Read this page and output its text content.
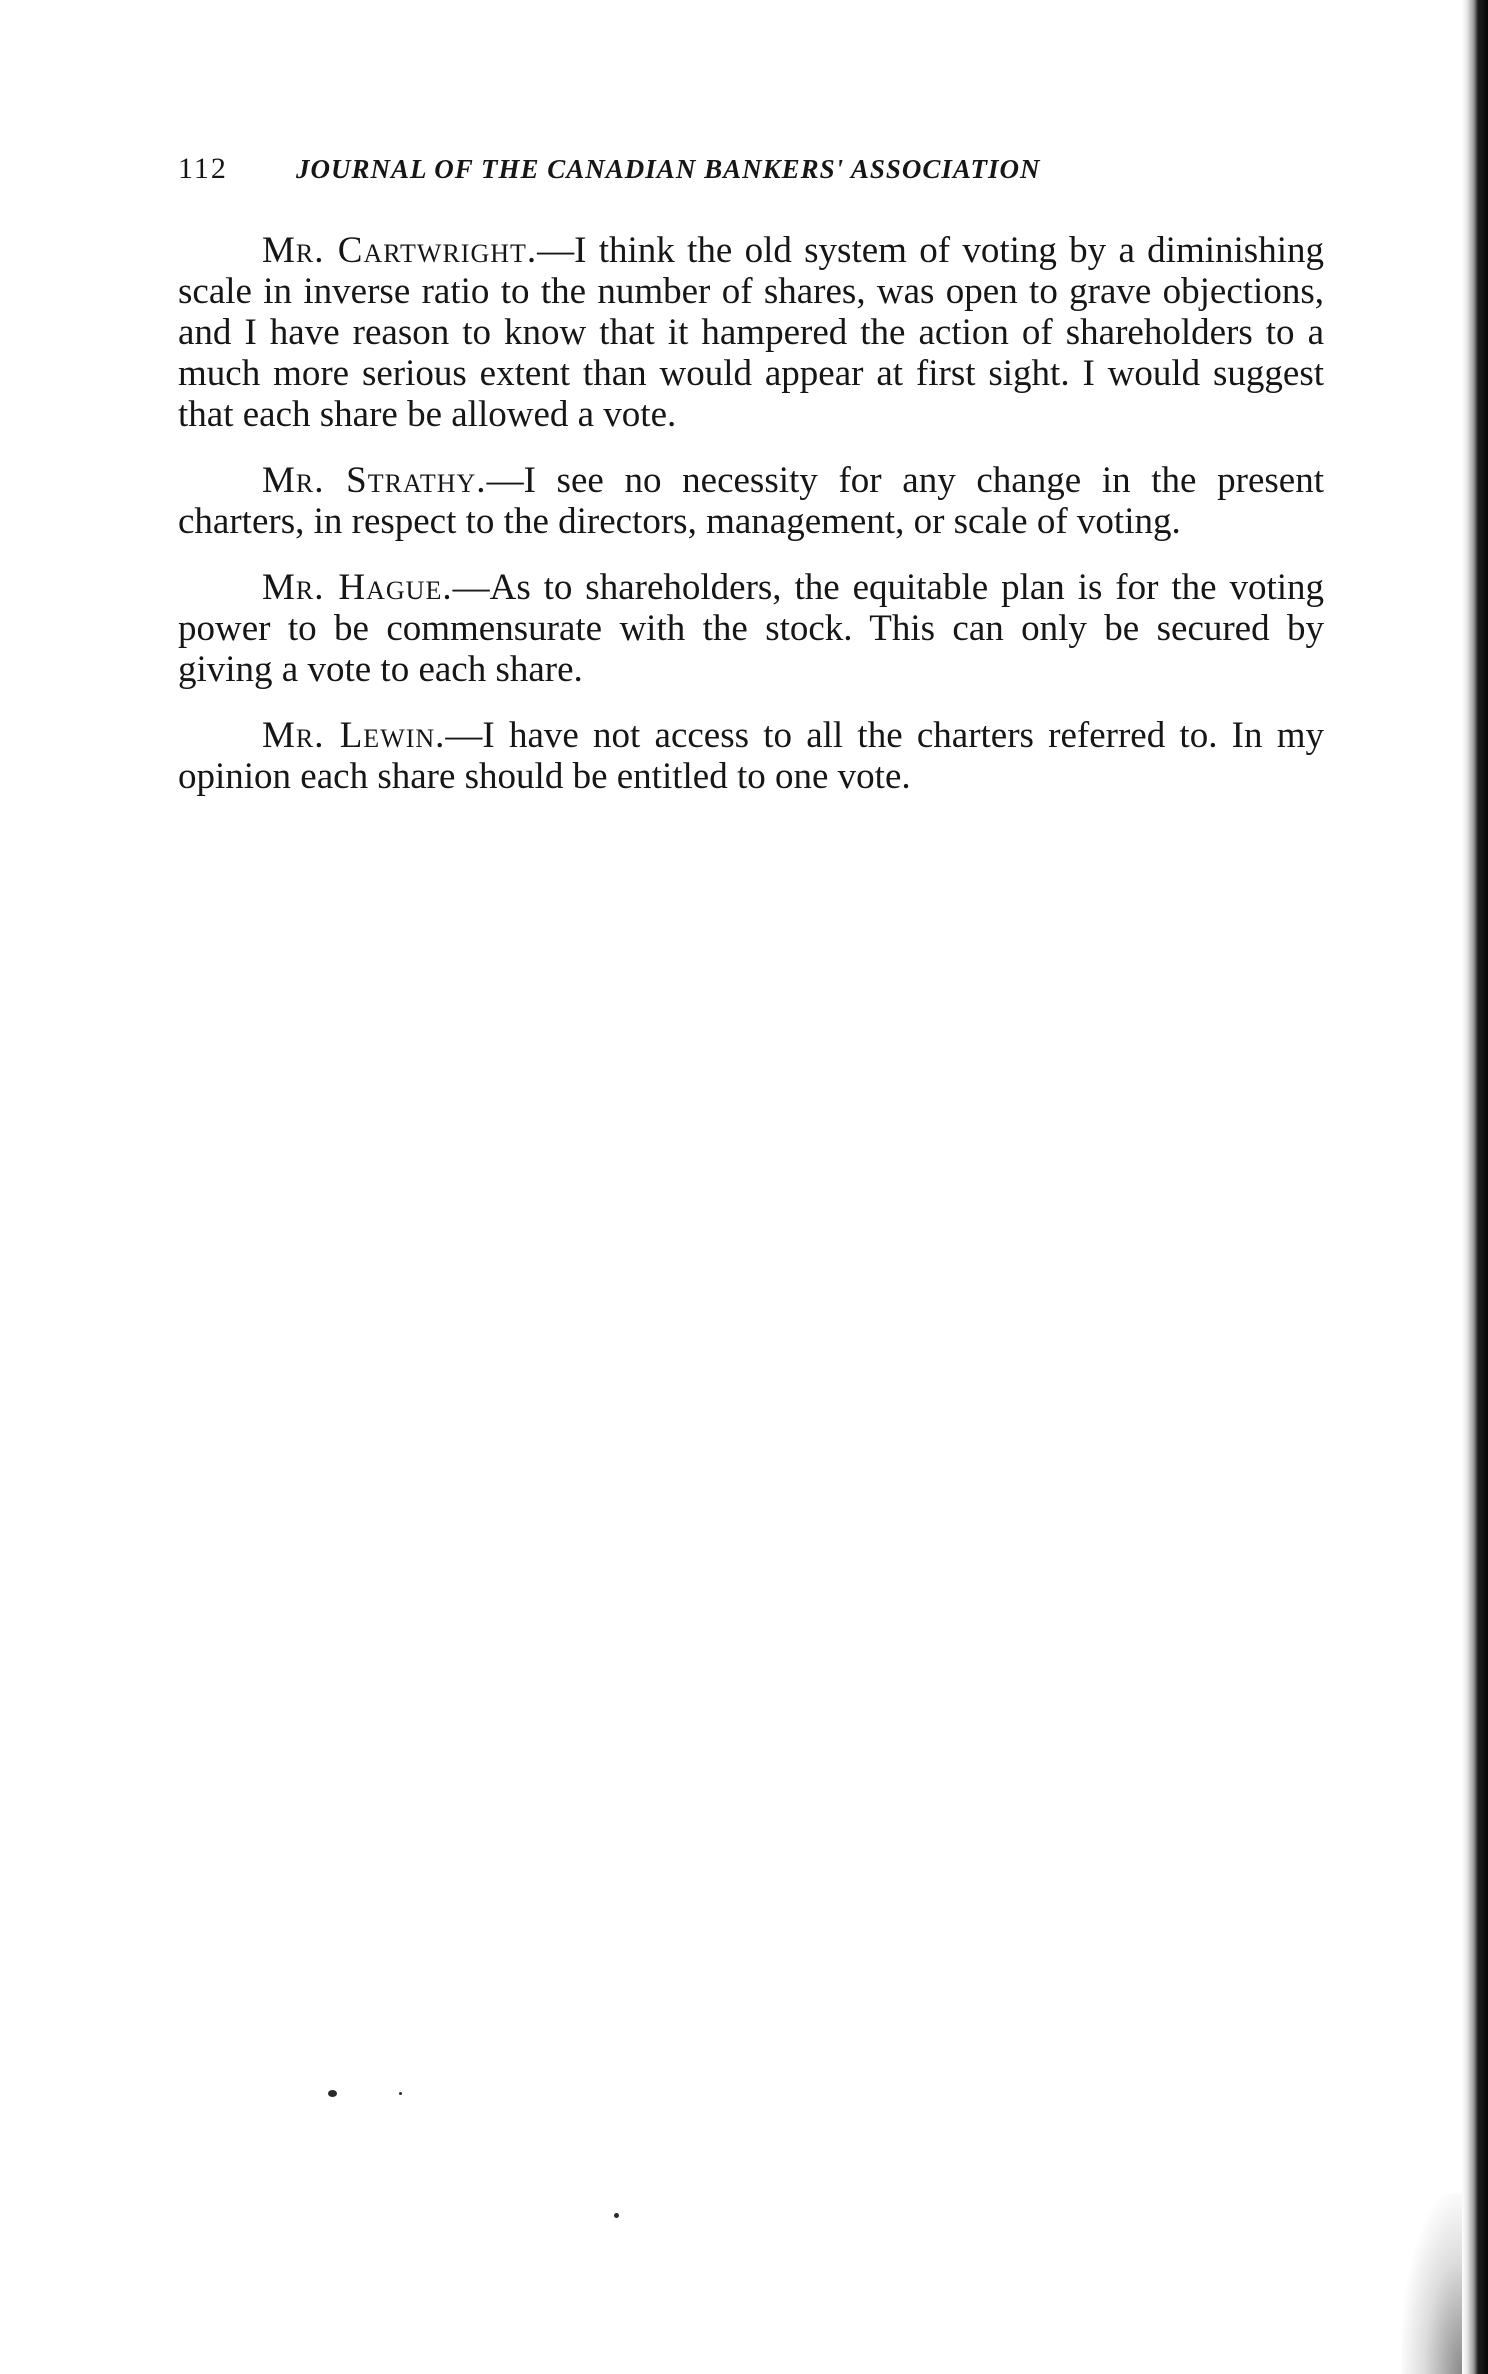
112	JOURNAL OF THE CANADIAN BANKERS' ASSOCIATION

Mr. Cartwright.—I think the old system of voting by a diminishing scale in inverse ratio to the number of shares, was open to grave objections, and I have reason to know that it hampered the action of shareholders to a much more serious extent than would appear at first sight. I would suggest that each share be allowed a vote.

Mr. Strathy.—I see no necessity for any change in the present charters, in respect to the directors, management, or scale of voting.

Mr. Hague.—As to shareholders, the equitable plan is for the voting power to be commensurate with the stock. This can only be secured by giving a vote to each share.

Mr. Lewin.—I have not access to all the charters referred to. In my opinion each share should be entitled to one vote.
